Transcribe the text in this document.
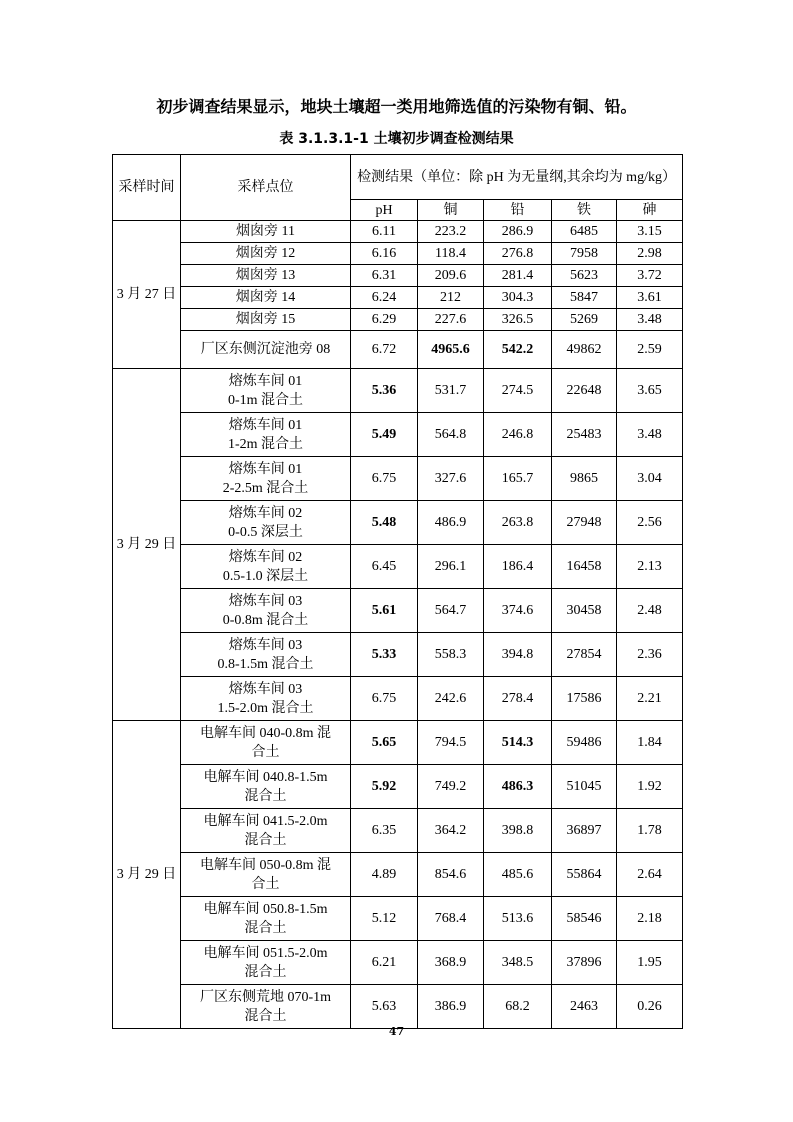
初步调查结果显示，地块土壤超一类用地筛选值的污染物有铜、铅。
表 3.1.3.1-1 土壤初步调查检测结果
采样时间	采样点位	检测结果（单位：除 pH 为无量纲,其余均为 mg/kg）				
		pH	铜	铅	铁	砷
3 月 27 日	烟囱旁 11	6.11	223.2	286.9	6485	3.15

	烟囱旁 12	6.16	118.4	276.8	7958	2.98

	烟囱旁 13	6.31	209.6	281.4	5623	3.72

	烟囱旁 14	6.24	212	304.3	5847	3.61

	烟囱旁 15	6.29	227.6	326.5	5269	3.48

	厂区东侧沉淀池旁 08	6.72	4965.6	542.2	49862	2.59
3 月 29 日	熔炼车间 01
0-1m 混合土	5.36	531.7	274.5	22648	3.65

	熔炼车间 01
1-2m 混合土	5.49	564.8	246.8	25483	3.48

	熔炼车间 01
2-2.5m 混合土	6.75	327.6	165.7	9865	3.04

	熔炼车间 02
0-0.5 深层土	5.48	486.9	263.8	27948	2.56

	熔炼车间 02
0.5-1.0 深层土	6.45	296.1	186.4	16458	2.13

	熔炼车间 03
0-0.8m 混合土	5.61	564.7	374.6	30458	2.48

	熔炼车间 03
0.8-1.5m 混合土	5.33	558.3	394.8	27854	2.36

	熔炼车间 03
1.5-2.0m 混合土	6.75	242.6	278.4	17586	2.21
3 月 29 日	电解车间 040-0.8m 混
合土	5.65	794.5	514.3	59486	1.84

	电解车间 040.8-1.5m
混合土	5.92	749.2	486.3	51045	1.92

	电解车间 041.5-2.0m
混合土	6.35	364.2	398.8	36897	1.78

	电解车间 050-0.8m 混
合土	4.89	854.6	485.6	55864	2.64

	电解车间 050.8-1.5m
混合土	5.12	768.4	513.6	58546	2.18

	电解车间 051.5-2.0m
混合土	6.21	368.9	348.5	37896	1.95

	厂区东侧荒地 070-1m
混合土	5.63	386.9	68.2	2463	0.26
47
